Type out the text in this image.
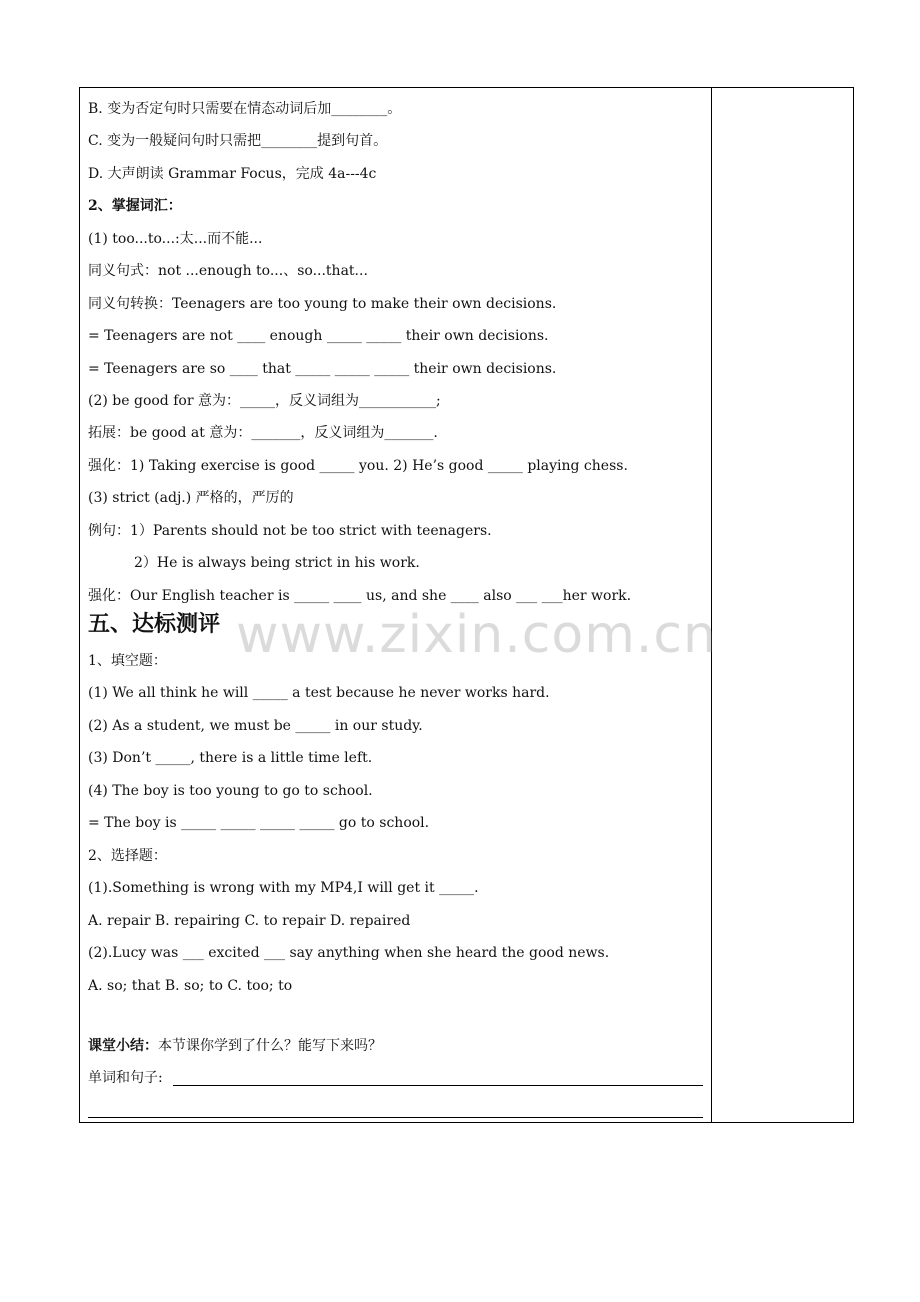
B. 变为否定句时只需要在情态动词后加________。
C. 变为一般疑问句时只需把________提到句首。
D. 大声朗读 Grammar Focus，完成 4a---4c
2、掌握词汇：
(1) too...to...:太...而不能...
同义句式：not ...enough to...、so...that...
同义句转换：Teenagers are too young to make their own decisions.
= Teenagers are not ____ enough _____ _____ their own decisions.
= Teenagers are so ____ that _____ _____ _____ their own decisions.
(2) be good for 意为：_____，反义词组为___________;
拓展：be good at 意为：_______，反义词组为_______.
强化：1) Taking exercise is good _____ you. 2) He’s good _____ playing chess.
(3) strict (adj.) 严格的，严厉的
例句：1）Parents should not be too strict with teenagers.
2）He is always being strict in his work.
强化：Our English teacher is _____ ____ us, and she ____ also ___ ___her work.
www.zixin.com.cn
五、达标测评
1、填空题：
(1) We all think he will _____ a test because he never works hard.
(2) As a student, we must be _____ in our study.
(3) Don’t _____, there is a little time left.
(4) The boy is too young to go to school.
= The boy is _____ _____ _____ _____ go to school.
2、选择题：
(1).Something is wrong with my MP4,I will get it _____.
A. repair B. repairing C. to repair D. repaired
(2).Lucy was ___ excited ___ say anything when she heard the good news.
A. so; that B. so; to C. too; to
课堂小结：本节课你学到了什么？能写下来吗？
单词和句子:
